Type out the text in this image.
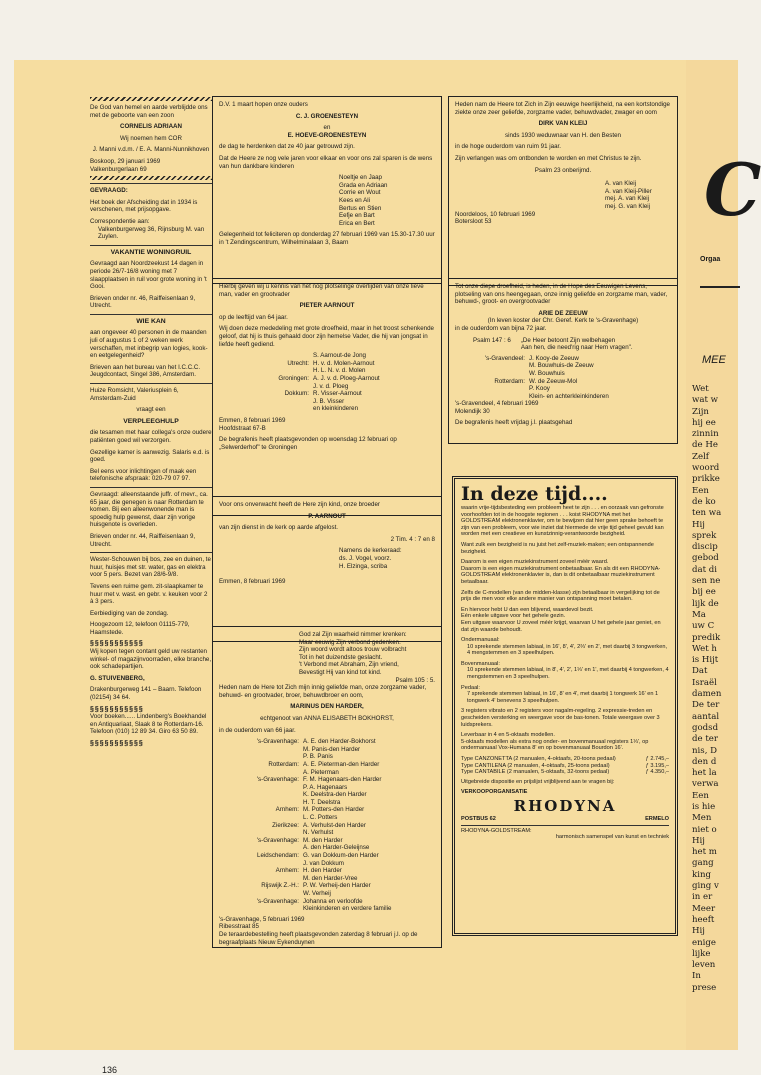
De God van hemel en aarde verblijdde ons met de geboorte van een zoon

CORNELIS ADRIAAN

Wij noemen hem COR

J. Manni v.d.m. / E. A. Manni-Nunnikhoven

Boskoop, 29 januari 1969
Valkenburgerlaan 69

GEVRAAGD:

Het boek der Afscheiding dat in 1934 is verschenen, met prijsopgave.

Correspondentie aan:

Valkenburgerweg 36, Rijnsburg M. van Zuylen.

VAKANTIE WONINGRUIL

Gevraagd aan Noordzeekust 14 dagen in periode 26/7-16/8 woning met 7 slaapplaatsen in ruil voor grote woning in 't Gooi.

Brieven onder nr. 46, Raiffeisenlaan 9, Utrecht.

WIE KAN

aan ongeveer 40 personen in de maanden juli of augustus 1 of 2 weken werk verschaffen, met inbegrip van logies, kook- en eetgelegenheid?

Brieven aan het bureau van het I.C.C.C. Jeugdcontact, Singel 386, Amsterdam.

Huize Romsicht, Valeriusplein 6, Amsterdam-Zuid

vraagt een

VERPLEEGHULP

die tesamen met haar collega's onze oudere patiënten goed wil verzorgen.

Gezellige kamer is aanwezig. Salaris e.d. is goed.

Bel eens voor inlichtingen of maak een telefonische afspraak: 020-79 07 97.

Gevraagd: alleenstaande juffr. of mevr., ca. 65 jaar, die genegen is naar Rotterdam te komen. Bij een alleenwonende man is spoedig hulp gewenst, daar zijn vorige huisgenote is overleden.

Brieven onder nr. 44, Raiffeisenlaan 9, Utrecht.

Wester-Schouwen bij bos, zee en duinen, te huur, huisjes met str. water, gas en elektra voor 5 pers. Bezet van 28/6-9/8.

Tevens een ruime gem. zit-slaapkamer te huur met v. wast. en gebr. v. keuken voor 2 à 3 pers.

Eerbiediging van de zondag.

Hoogezoom 12, telefoon 01115-779, Haamstede.

§§§§§§§§§§§

Wij kopen tegen contant geld uw restanten winkel- of magazijnvoorraden, elke branche, ook schadepartijen.

G. STUIVENBERG,

Drakenburgerweg 141 – Baarn. Telefoon (02154) 34 64.

§§§§§§§§§§§

Voor boeken...... Lindenberg's Boekhandel en Antiquariaat, Slaak 8 te Rotterdam-16. Telefoon (010) 12 89 34. Giro 63 50 89.

§§§§§§§§§§§

D.V. 1 maart hopen onze ouders

C. J. GROENESTEYN

en

E. HOEVE-GROENESTEYN

de dag te herdenken dat ze 40 jaar getrouwd zijn.

Dat de Heere ze nog vele jaren voor elkaar en voor ons zal sparen is de wens van hun dankbare kinderen

Noeltje en Jaap
Grada en Adriaan
Corrie en Wout
Kees en Ali
Bertus en Stien
Eefje en Bart
Erica en Bert

Gelegenheid tot feliciteren op donderdag 27 februari 1969 van 15.30-17.30 uur in 't Zendingscentrum, Wilhelminalaan 3, Baarn

Hierbij geven wij u kennis van het nog plotselinge overlijden van onze lieve man, vader en grootvader

PIETER AARNOUT

op de leeftijd van 64 jaar.

Wij doen deze mededeling met grote droefheid, maar in het troost schenkende geloof, dat hij is thuis gehaald door zijn hemelse Vader, die hij van jongsat in liefde heeft gediend.

S. Aarnout-de Jong
Utrecht: H. v. d. Molen-Aarnout
H. L. N. v. d. Molen
Groningen: A. J. v. d. Ploeg-Aarnout
J. v. d. Ploeg
Dokkum: R. Visser-Aarnout
J. B. Visser
en kleinkinderen
Emmen, 8 februari 1969

Hoofdstraat 67-B

De begrafenis heeft plaatsgevonden op woensdag 12 februari op „Selwerderhof" te Groningen

Voor ons onverwacht heeft de Here zijn kind, onze broeder

P. AARNOUT

van zijn dienst in de kerk op aarde afgelost.

2 Tim. 4 : 7 en 8

Namens de kerkeraad:
ds. J. Vogel, voorz.
H. Elzinga, scriba

Emmen, 8 februari 1969

God zal Zijn waarheid nimmer krenken:
Maar eeuwig Zijn verbond gedenken.
Zijn woord wordt altoos trouw volbracht
Tot in het duizendste geslacht.
't Verbond met Abraham, Zijn vriend,
Bevestigt Hij van kind tot kind.
Psalm 105 : 5.

Heden nam de Here tot Zich mijn innig geliefde man, onze zorgzame vader, behuwd- en grootvader, broer, behuwdbroer en oom,

MARINUS DEN HARDER,

echtgenoot van ANNA ELISABETH BOKHORST,

in de ouderdom van 66 jaar.

's-Gravenhage: A. E. den Harder-Bokhorst
M. Panis-den Harder
P. B. Panis
Rotterdam: A. E. Pieterman-den Harder
A. Pieterman
's-Gravenhage: F. M. Hagenaars-den Harder
P. A. Hagenaars
K. Deelstra-den Harder
H. T. Deelstra
Arnhem: M. Potters-den Harder
L. C. Potters
Zierikzee: A. Verhulst-den Harder
N. Verhulst
's-Gravenhage: M. den Harder
A. den Harder-Geleijnse
Leidschendam: G. van Dokkum-den Harder
J. van Dokkum
Arnhem: H. den Harder
M. den Harder-Vree
Rijswijk Z.-H.: P. W. Verheij-den Harder
W. Verheij
's-Gravenhage: Johanna en verloofde
Kleinkinderen en verdere familie
's-Gravenhage, 5 februari 1969
Ribesstraat 85
De teraardebestelling heeft plaatsgevonden zaterdag 8 februari j.l. op de begraafplaats Nieuw Eykenduynen

Heden nam de Heere tot Zich in Zijn eeuwige heerlijkheid, na een kortstondige ziekte onze zeer geliefde, zorgzame vader, behuwdvader, zwager en oom

DIRK VAN KLEIJ

sinds 1930 weduwnaar van H. den Besten

in de hoge ouderdom van ruim 91 jaar.

Zijn verlangen was om ontbonden te worden en met Christus te zijn.

Psalm 23 onberijmd.

A. van Kleij
A. van Kleij-Piller
mej. A. van Kleij
mej. G. van Kleij
Noordeloos, 10 februari 1969
Botersloot 53

Tot onze diepe droefheid, is heden, in de Hope des Eeuwigen Levens, plotseling van ons heengegaan, onze innig geliefde en zorgzame man, vader, behuwd-, groot- en overgrootvader

ARIE DE ZEEUW
(In leven koster der Chr. Geref. Kerk te 's-Gravenhage)

in de ouderdom van bijna 72 jaar.

Psalm 147 : 6 „De Heer betoont Zijn welbehagen
Aan hen, die need'rig naar Hem vragen".
's-Gravendeel: J. Kooy-de Zeeuw
M. Bouwhuis-de Zeeuw
W. Bouwhuis
Rotterdam: W. de Zeeuw-Mol
P. Kooy
Klein- en achterkleinkinderen
's-Gravendeel, 4 februari 1969
Molendijk 30
De begrafenis heeft vrijdag j.l. plaatsgehad
In deze tijd....

waarin vrije-tijdsbesteding een probleem heet te zijn . . . en oorzaak van gefronste voorhoofden tot in de hoogste regionen . . . koist RHODYNA met het GOLDSTREAM elektronenklavier, om te bewijzen dat hier geen sprake behoeft te zijn van een probleem, voor wie inziet dat hiermede de vrije tijd geheel gevuld kan worden met een creatieve en kunstzinnig-verantwoorde bezigheid.

Want zulk een bezigheid is nu juist het zelf-muziek-maken; een ontspannende bezigheid.

Daarom is een eigen muziekinstrument zoveel méér waard.

Daarom is een eigen muziekinstrument onbetaalbaar. En als dit een RHODYNA-GOLDSTREAM elektronenklavier is, dan is dit onbetaalbaar muziekinstrument betaalbaar.

Zelfs de C-modellen (van de midden-klasse) zijn betaalbaar in vergelijking tot de prijs die men voor elke andere manier van ontspanning moet betalen.

En hiervoor hebt U dan een blijvend, waardevol bezit.
Eén enkele uitgave voor het gehele gezin.

Een uitgave waarvoor U zoveel méér krijgt, waarvan U het gehele jaar geniet, en dat zijn waarde behoudt.

Ondermanuaal:

10 sprekende stemmen labiaal, in 16', 8', 4', 2⅔' en 2', met daarbij 3 tongwerken, 4 mengstemmen en 3 speelhulpen.

Bovenmanuaal:

10 sprekende stemmen labiaal, in 8', 4', 2', 1⅓' en 1', met daarbij 4 tongwerken, 4 mengstemmen en 3 speelhulpen.

Pedaal:

7 sprekende stemmen labiaal, in 16', 8' en 4', met daarbij 1 tongwerk 16' en 1 tongwerk 4' benevens 3 speelhulpen.

3 registers vibrato en 2 registers voor nagalm-regeling. 2 expressie-treden en gescheiden versterking en weergave voor de bas-tonen. Totale weergave over 3 luidsprekers.

Leverbaar in 4 en 5-oktaafs modellen.

5-oktaafs modellen als extra nog onder- en bovenmanuaal registers 1⅓', op ondermanuaal Vox-Humana 8' en op bovenmanuaal Bourdon 16'.

Type CANZONETTA (2 manualen, 4-oktaafs, 20-toons pedaal)	ƒ 2.745,–
Type CANTILENA (2 manualen, 4-oktaafs, 25-toons pedaal)	ƒ 3.195,–
Type CANTABILE (2 manualen, 5-oktaafs, 32-toons pedaal)	ƒ 4.350,–

Uitgebreide dispositie en prijslijst vrijblijvend aan te vragen bij:

VERKOOPORGANISATIE
RHODYNA
POSTBUS 62	ERMELO
RHODYNA-GOLDSTREAM:
harmonisch samenspel van kunst en techniek
136
C
Orgaa
MEE
Wet
wat w
Zijn
hij ee
zinnin
de He
Zelf
woord
prikke
Een
de ko
ten wa
Hij
sprek
discip
gebod
dat di
sen ne
bij ee
lijk de
Ma
uw C
predik
Wet h
is Hijt
Dat
Israël
damen
De ter
aantal
godsd
de ter
nis, D
den d
het la
verwa
Een
is hie
Men
niet o
Hij
het m
gang
king
ging v
in er
Meer
heeft
Hij
enige
lijke
leven
In
prese
